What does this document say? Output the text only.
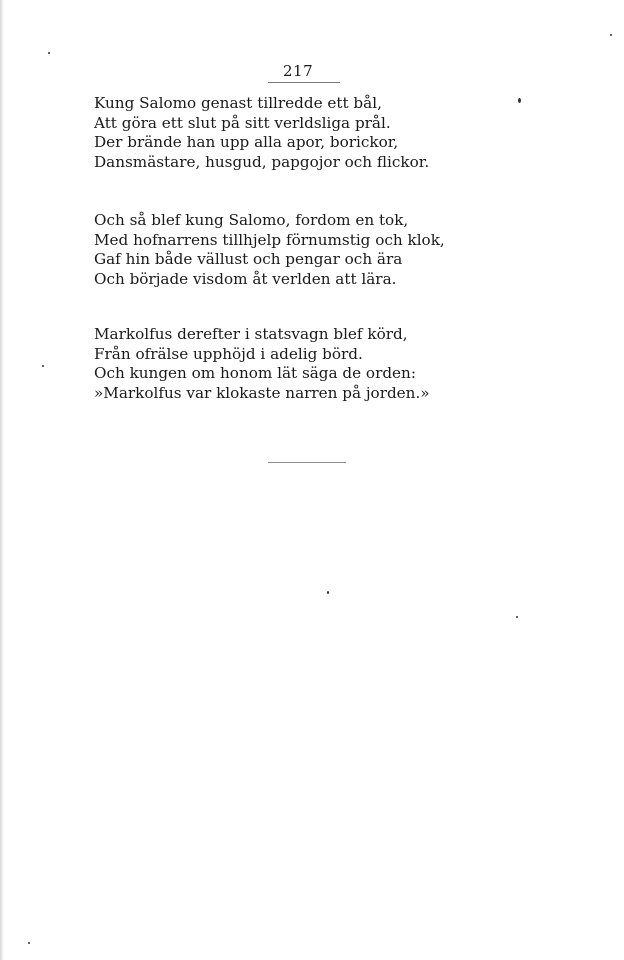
217
Kung Salomo genast tillredde ett bål,
Att göra ett slut på sitt verldsliga prål.
Der brände han upp alla apor, borickor,
Dansmästare, husgud, papgojor och flickor.
Och så blef kung Salomo, fordom en tok,
Med hofnarrens tillhjelp förnumstig och klok,
Gaf hin både vällust och pengar och ära
Och började visdom åt verlden att lära.
Markolfus derefter i statsvagn blef körd,
Från ofrälse upphöjd i adelig börd.
Och kungen om honom lät säga de orden:
»Markolfus var klokaste narren på jorden.»
